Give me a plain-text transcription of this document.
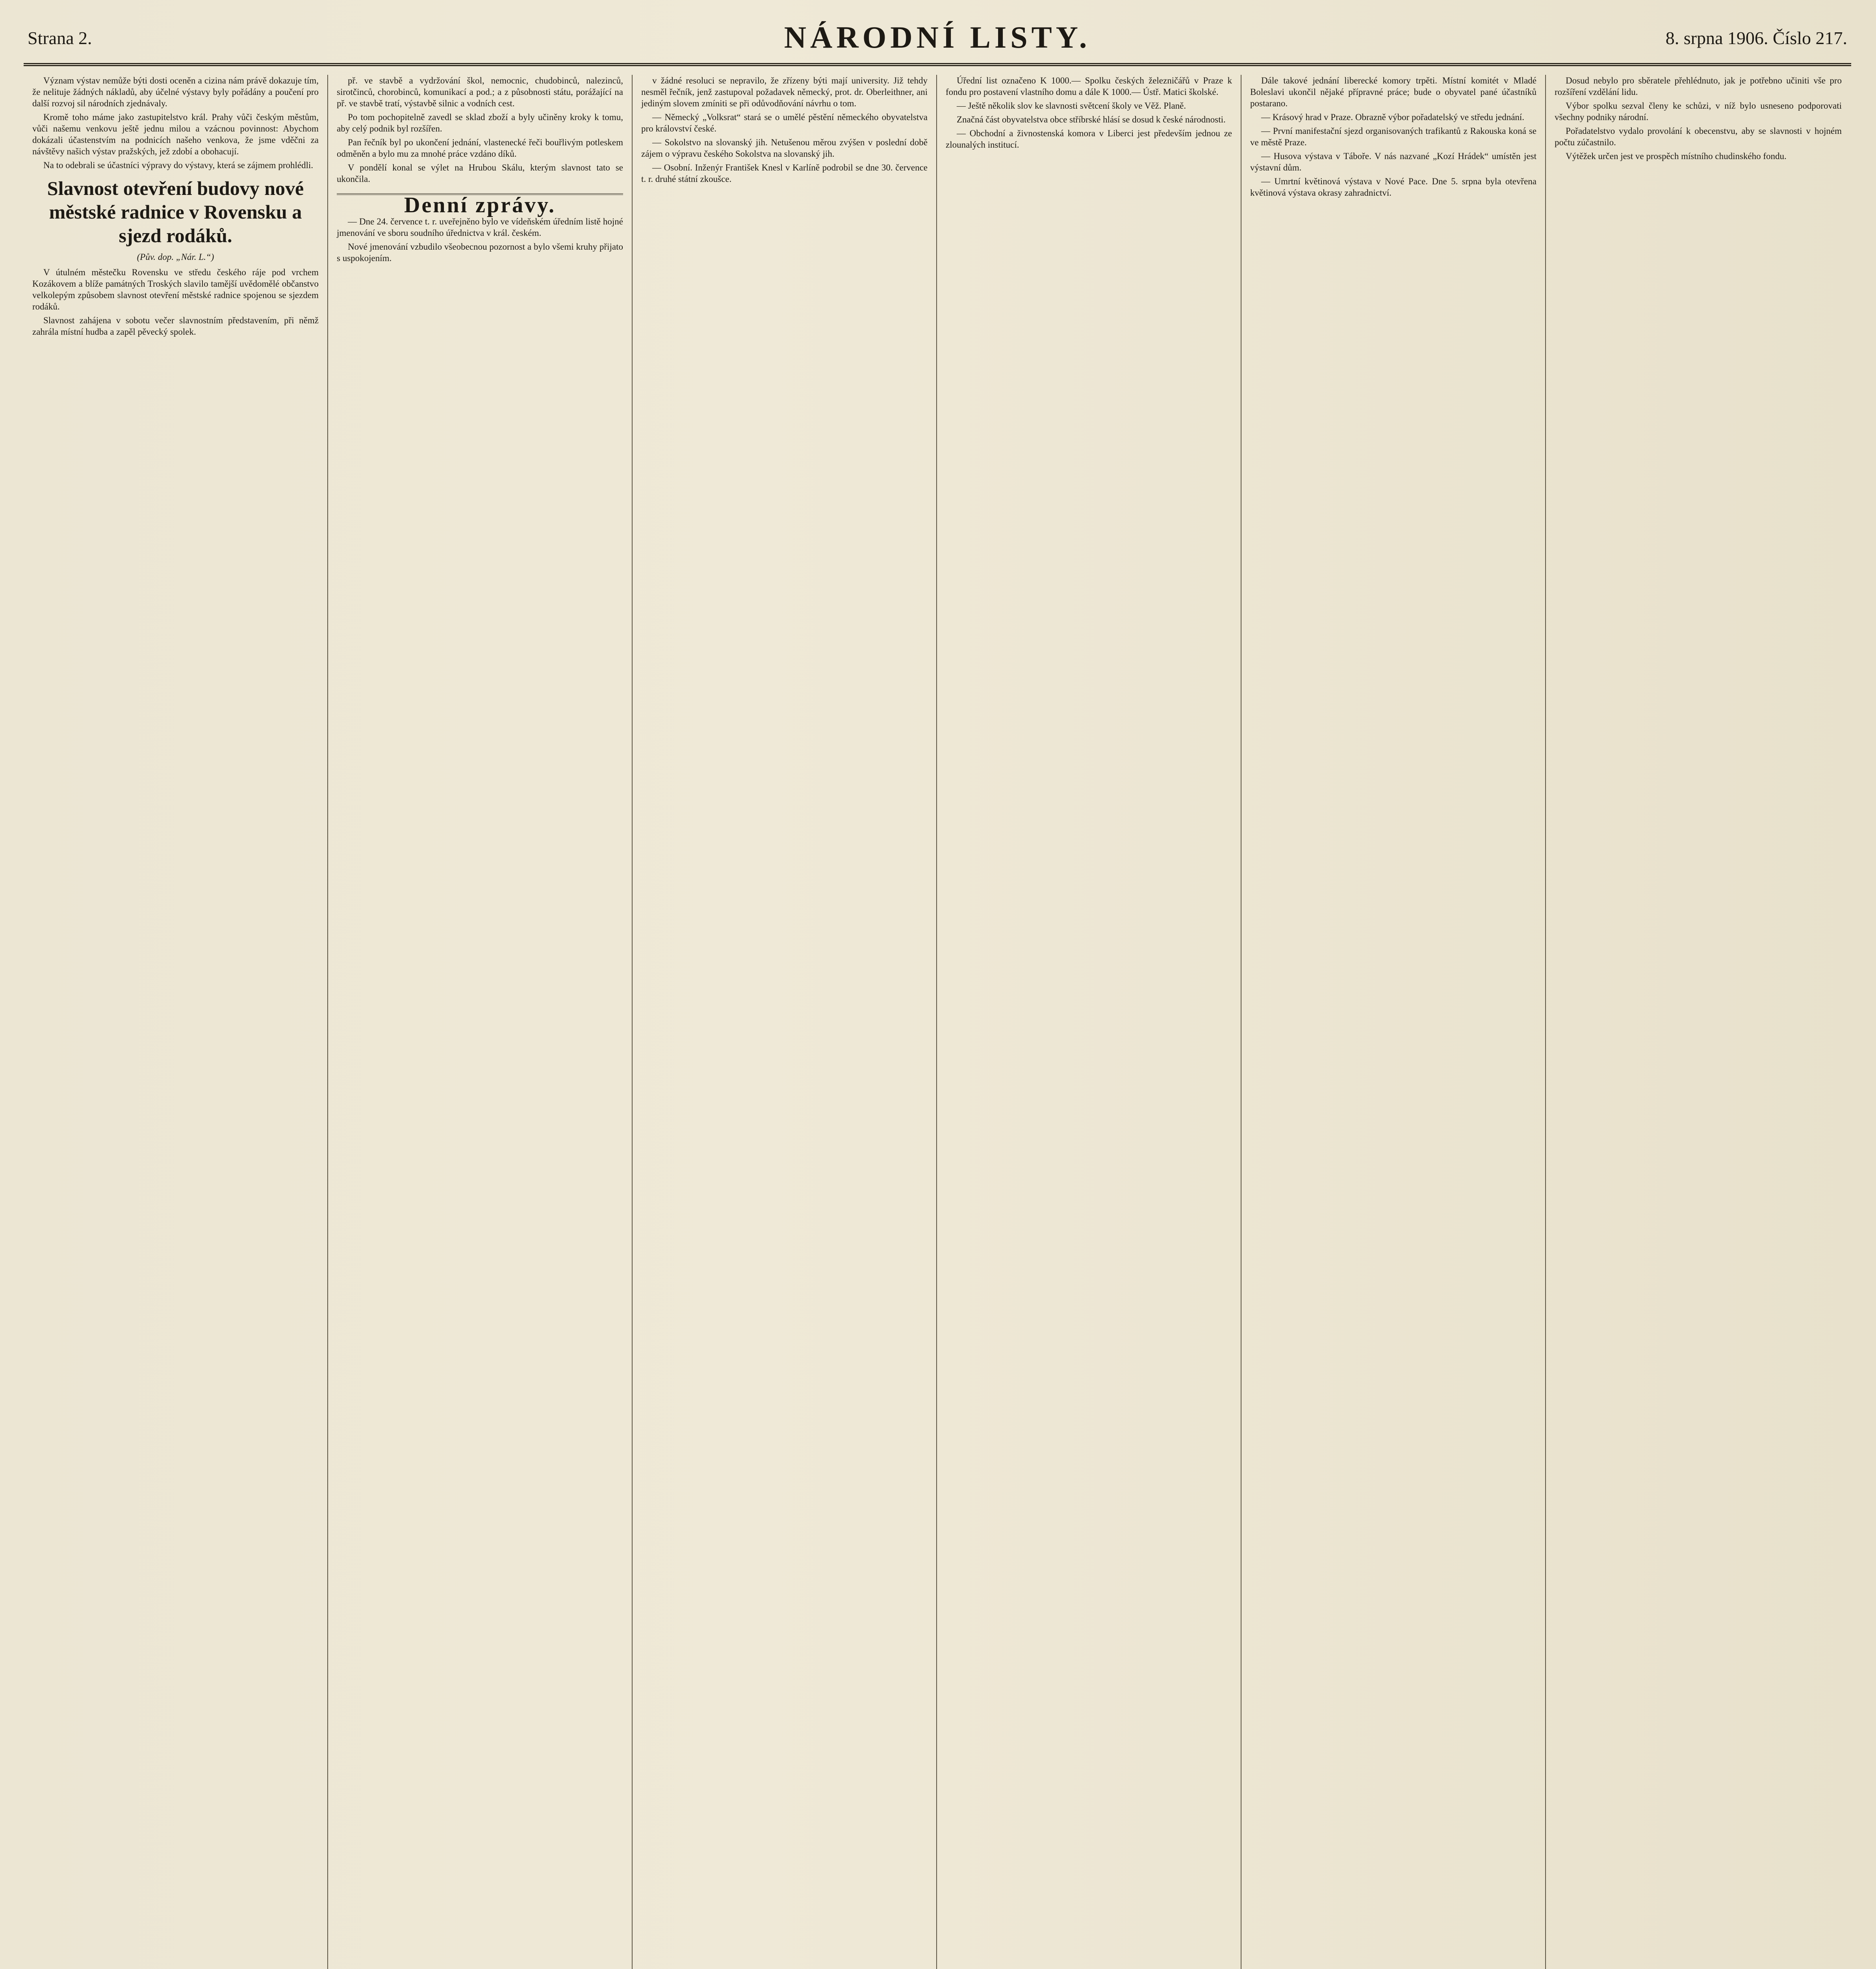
Strana 2.	NÁRODNÍ LISTY.	8. srpna 1906. Číslo 217.

Význam výstav nemůže býti dosti oceněn a cizina nám právě dokazuje tím, že nelituje žádných nákladů, aby účelné výstavy byly pořádány a poučení pro další rozvoj sil národních zjednávaly.

Kromě toho máme jako zastupitelstvo král. Prahy vůči českým městům, vůči našemu venkovu ještě jednu milou a vzácnou povinnost: Abychom dokázali účastenstvím na podnicích našeho venkova, že jsme vděčni za návštěvy našich výstav pražských, jež zdobí a obohacují.

Na to odebrali se účastníci výpravy do výstavy, která se zájmem prohlédli.

Slavnost otevření budovy nové městské radnice v Rovensku a sjezd rodáků.
(Pův. dop. „Nár. L.“)

V útulném městečku Rovensku ve středu českého ráje pod vrchem Kozákovem a blíže památných Troských slavilo tamější uvědomělé občanstvo velkolepým způsobem slavnost otevření městské radnice spojenou se sjezdem rodáků.

Slavnost zahájena v sobotu večer slavnostním představením, při němž zahrála místní hudba a zapěl pěvecký spolek.

př. ve stavbě a vydržování škol, nemocnic, chudobinců, nalezinců, sirotčinců, chorobinců, komunikací a pod.; a z působnosti státu, porážající na př. ve stavbě tratí, výstavbě silnic a vodních cest.

Po tom pochopitelně zavedl se sklad zboží a byly učiněny kroky k tomu, aby celý podnik byl rozšířen.

Pan řečník byl po ukončení jednání, vlastenecké řeči bouřlivým potleskem odměněn a bylo mu za mnohé práce vzdáno díků.

V pondělí konal se výlet na Hrubou Skálu, kterým slavnost tato se ukončila.

Denní zprávy.

— Dne 24. července t. r. uveřejněno bylo ve vídeňském úředním listě hojné jmenování ve sboru soudního úřednictva v král. českém.

Nové jmenování vzbudilo všeobecnou pozornost a bylo všemi kruhy přijato s uspokojením.

v žádné resoluci se nepravilo, že zřízeny býti mají university. Již tehdy nesměl řečník, jenž zastupoval požadavek německý, prot. dr. Oberleithner, ani jediným slovem zmíniti se při odůvodňování návrhu o tom.

— Německý „Volksrat“ stará se o umělé pěstění německého obyvatelstva pro království české.

— Sokolstvo na slovanský jih. Netušenou měrou zvýšen v poslední době zájem o výpravu českého Sokolstva na slovanský jih.

— Osobní. Inženýr František Knesl v Karlíně podrobil se dne 30. července t. r. druhé státní zkoušce.

Úřední list označeno K 1000.— Spolku českých železničářů v Praze k fondu pro postavení vlastního domu a dále K 1000.— Ústř. Matici školské.

— Ještě několik slov ke slavnosti světcení školy ve Věž. Planě.

Značná část obyvatelstva obce stříbrské hlásí se dosud k české národnosti.

— Obchodní a živnostenská komora v Liberci jest především jednou ze zlounalých institucí.

Dále takové jednání liberecké komory trpěti. Místní komitét v Mladé Boleslavi ukončil nějaké přípravné práce; bude o obyvatel pané účastníků postarano.

— Krásový hrad v Praze. Obrazně výbor pořadatelský ve středu jednání.

— První manifestační sjezd organisovaných trafikantů z Rakouska koná se ve městě Praze.

— Husova výstava v Táboře. V nás nazvané „Kozí Hrádek“ umístěn jest výstavní dům.

— Umrtní květinová výstava v Nové Pace. Dne 5. srpna byla otevřena květinová výstava okrasy zahradnictví.

Dosud nebylo pro sběratele přehlédnuto, jak je potřebno učiniti vše pro rozšíření vzdělání lidu.

Výbor spolku sezval členy ke schůzi, v níž bylo usneseno podporovati všechny podniky národní.

Pořadatelstvo vydalo provolání k obecenstvu, aby se slavnosti v hojném počtu zúčastnilo.

Výtěžek určen jest ve prospěch místního chudinského fondu.
